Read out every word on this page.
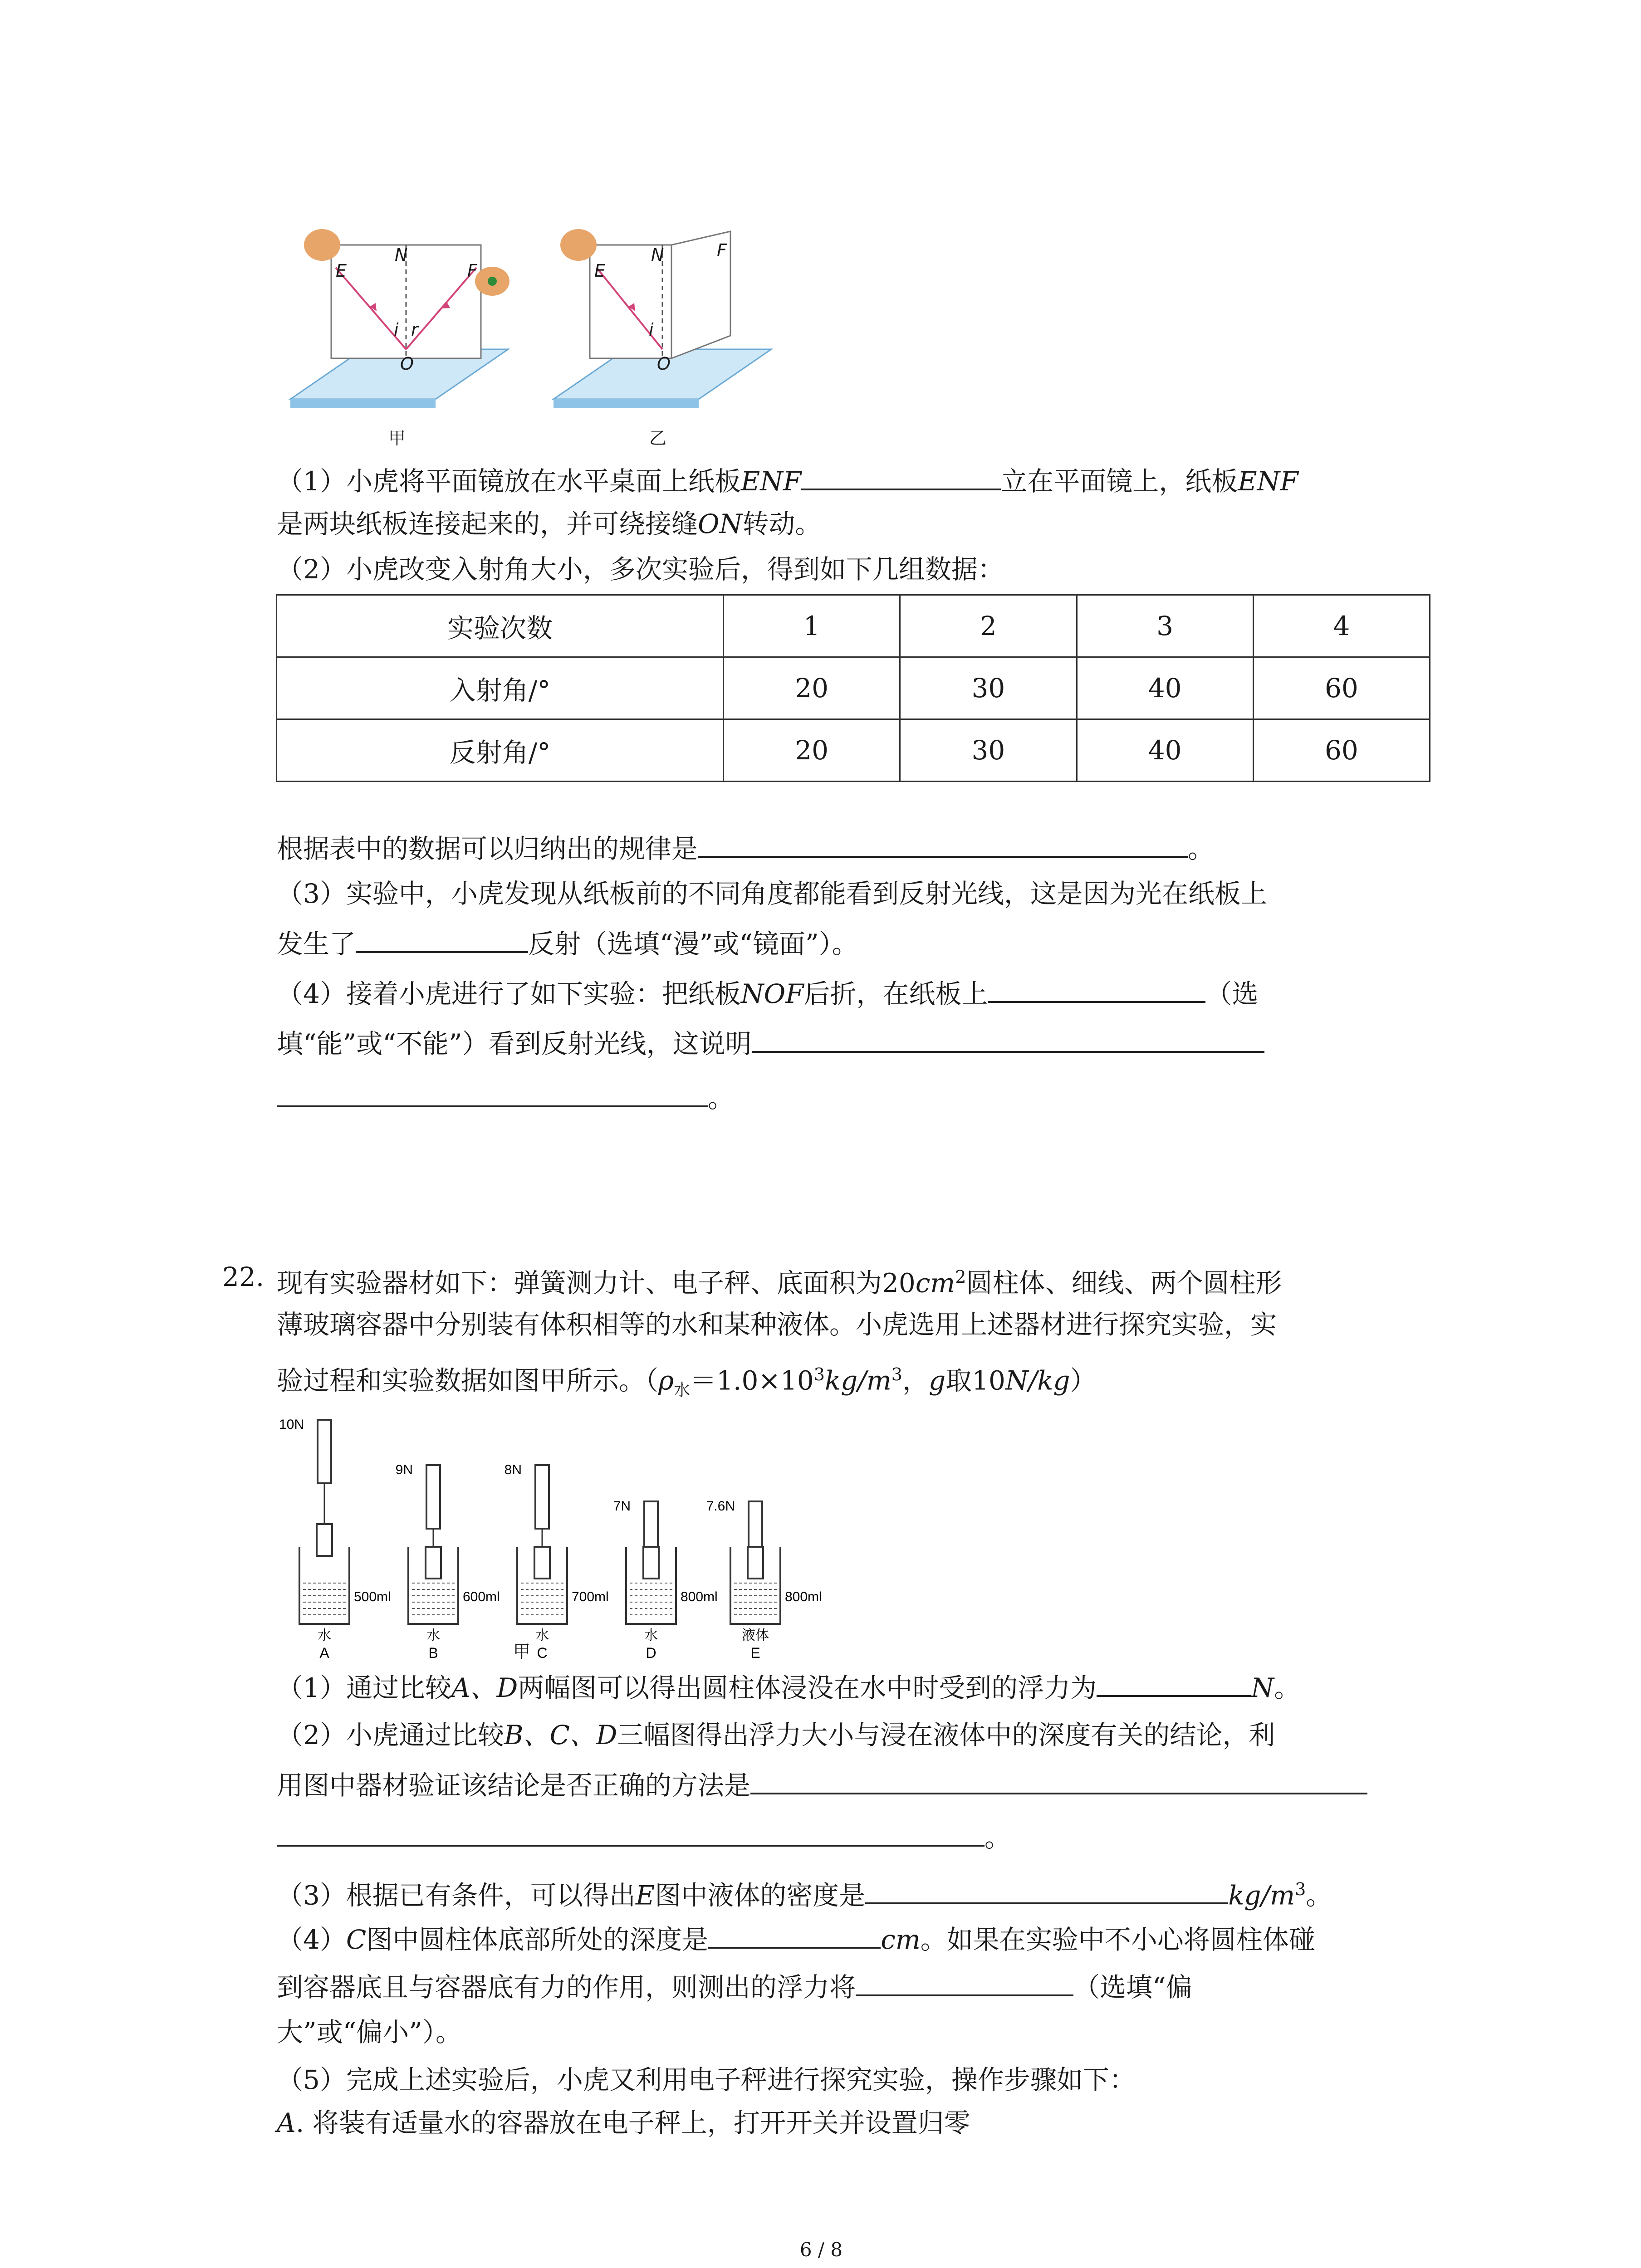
E
N
F
O
i r
甲
E
N	F
O
i
乙
（1）小虎将平面镜放在水平桌面上纸板ENF	立在平面镜上，纸板ENF
是两块纸板连接起来的，并可绕接缝ON转动。
（2）小虎改变入射角大小，多次实验后，得到如下几组数据：
实验次数	1	2	3	4
入射角/°	20	30	40	60
反射角/°	20	30	40	60
根据表中的数据可以归纳出的规律是	。
（3）实验中，小虎发现从纸板前的不同角度都能看到反射光线，这是因为光在纸板上
发生了	反射（选填“漫”或“镜面”）。
（4）接着小虎进行了如下实验：把纸板NOF后折，在纸板上	（选
填“能”或“不能”）看到反射光线，这说明
。
22. 现有实验器材如下：弹簧测力计、电子秤、底面积为$20cm^2$圆柱体、细线、两个圆柱形
薄玻璃容器中分别装有体积相等的水和某种液体。小虎选用上述器材进行探究实验，实
验过程和实验数据如图甲所示。（$\rho_水=1.0\times 10^3kg/m^3$，g取10N/kg）
10N
500ml
水
A
9N
600ml
水
B
8N
700ml
水
C
7N
800ml
水
D
7.6N
800ml
液体
E
甲
（1）通过比较A、D两幅图可以得出圆柱体浸没在水中时受到的浮力为	N。
（2）小虎通过比较B、C、D三幅图得出浮力大小与浸在液体中的深度有关的结论，利
用图中器材验证该结论是否正确的方法是
。
（3）根据已有条件，可以得出E图中液体的密度是	$kg/m^3$。
（4）C图中圆柱体底部所处的深度是	cm。如果在实验中不小心将圆柱体碰
到容器底且与容器底有力的作用，则测出的浮力将	（选填“偏
大”或“偏小”）。
（5）完成上述实验后，小虎又利用电子秤进行探究实验，操作步骤如下：
A. 将装有适量水的容器放在电子秤上，打开开关并设置归零
6 / 8
